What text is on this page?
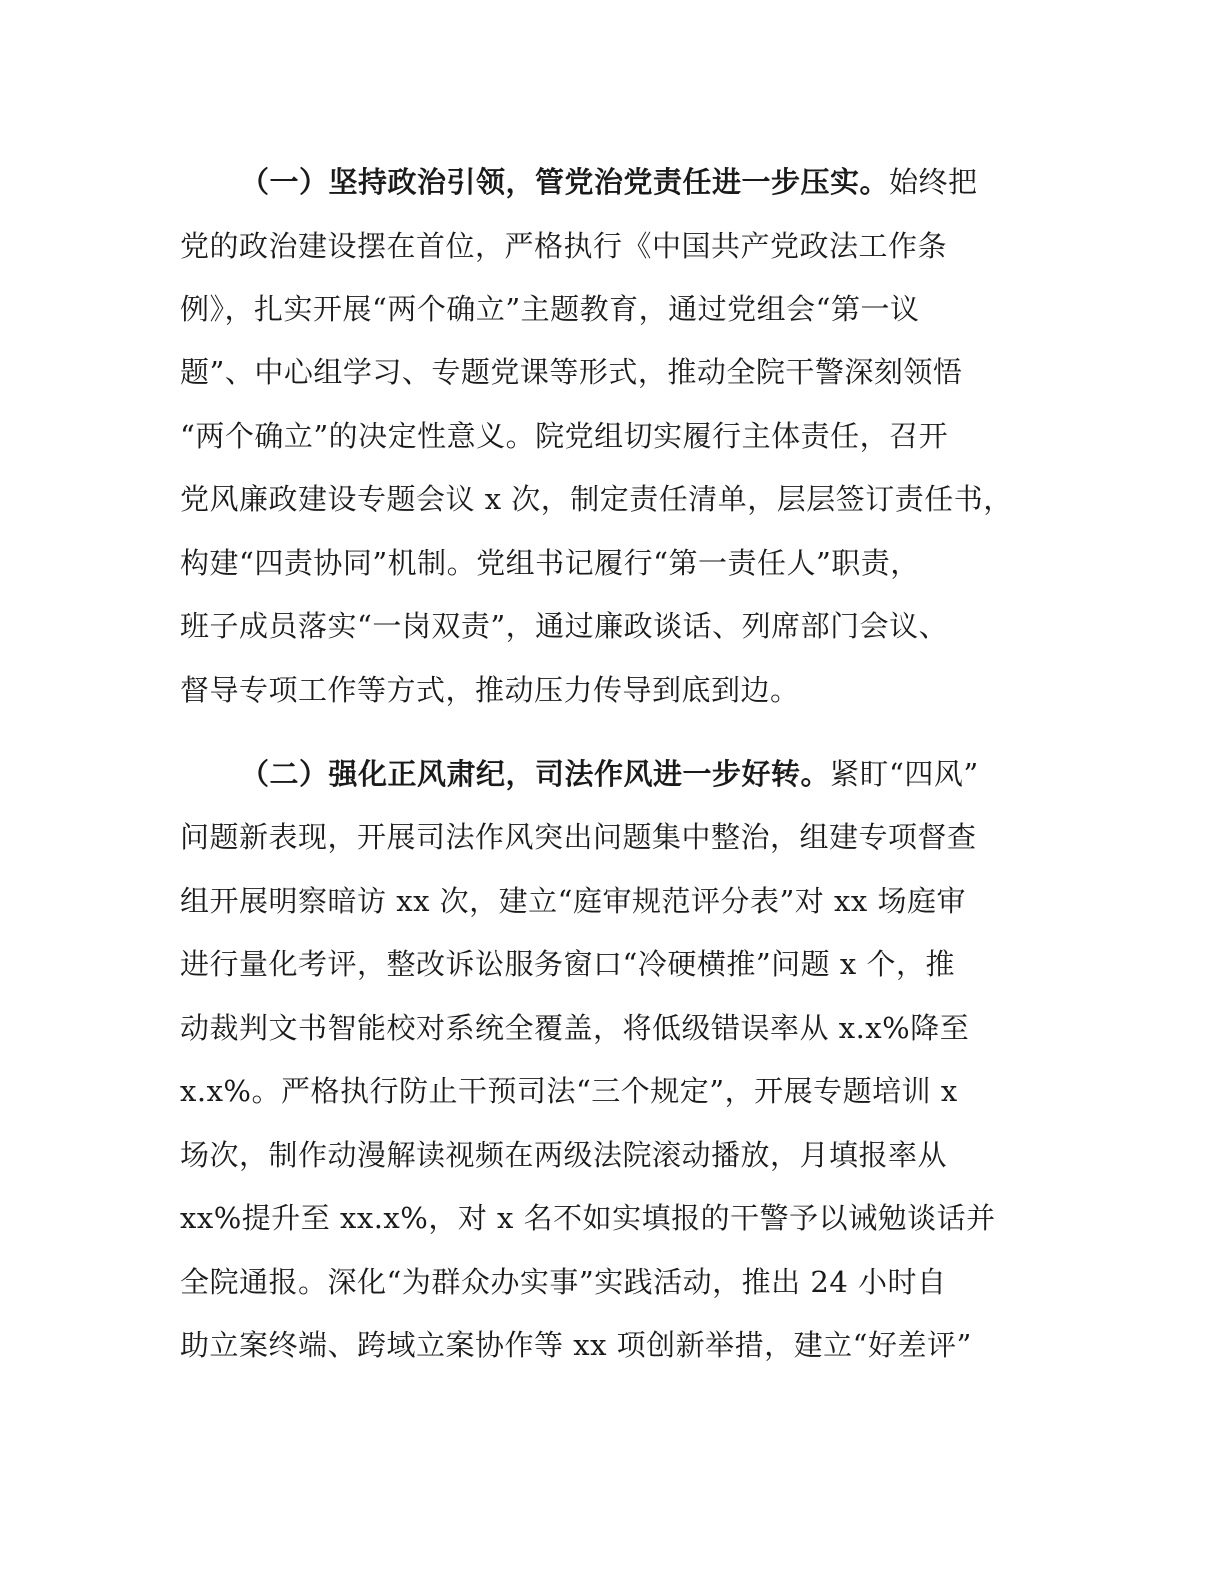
（一）坚持政治引领，管党治党责任进一步压实。始终把
党的政治建设摆在首位，严格执行《中国共产党政法工作条
例》，扎实开展“两个确立”主题教育，通过党组会“第一议
题”、中心组学习、专题党课等形式，推动全院干警深刻领悟
“两个确立”的决定性意义。院党组切实履行主体责任，召开
党风廉政建设专题会议 x 次，制定责任清单，层层签订责任书，
构建“四责协同”机制。党组书记履行“第一责任人”职责，
班子成员落实“一岗双责”，通过廉政谈话、列席部门会议、
督导专项工作等方式，推动压力传导到底到边。
（二）强化正风肃纪，司法作风进一步好转。紧盯“四风”
问题新表现，开展司法作风突出问题集中整治，组建专项督查
组开展明察暗访 xx 次，建立“庭审规范评分表”对 xx 场庭审
进行量化考评，整改诉讼服务窗口“冷硬横推”问题 x 个，推
动裁判文书智能校对系统全覆盖，将低级错误率从 x.x%降至
x.x%。严格执行防止干预司法“三个规定”，开展专题培训 x
场次，制作动漫解读视频在两级法院滚动播放，月填报率从
xx%提升至 xx.x%，对 x 名不如实填报的干警予以诫勉谈话并
全院通报。深化“为群众办实事”实践活动，推出 24 小时自
助立案终端、跨域立案协作等 xx 项创新举措，建立“好差评”
